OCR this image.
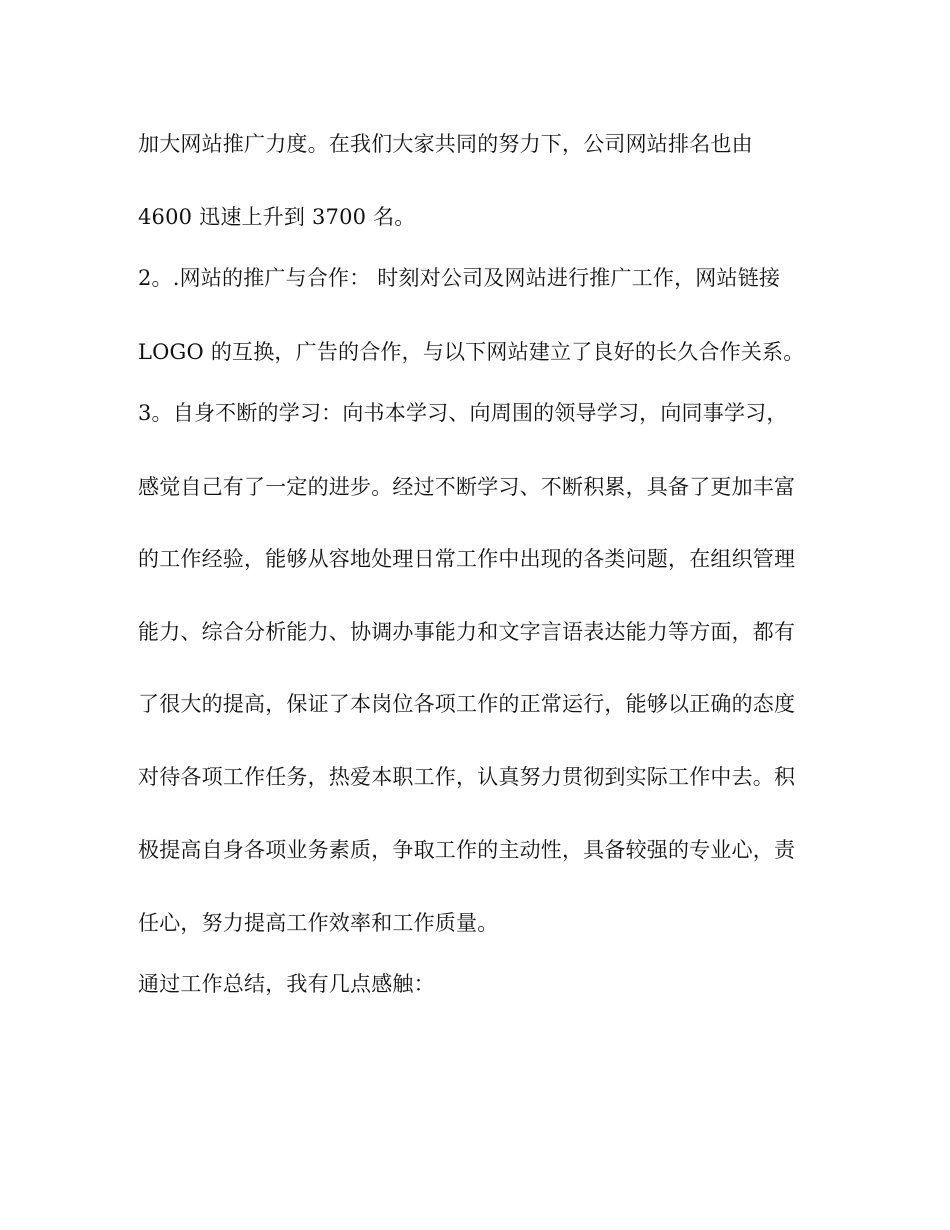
加大网站推广力度。在我们大家共同的努力下，公司网站排名也由
4600 迅速上升到 3700 名。
2。.网站的推广与合作： 时刻对公司及网站进行推广工作，网站链接
LOGO 的互换，广告的合作，与以下网站建立了良好的长久合作关系。
3。自身不断的学习：向书本学习、向周围的领导学习，向同事学习，
感觉自己有了一定的进步。经过不断学习、不断积累，具备了更加丰富
的工作经验，能够从容地处理日常工作中出现的各类问题，在组织管理
能力、综合分析能力、协调办事能力和文字言语表达能力等方面，都有
了很大的提高，保证了本岗位各项工作的正常运行，能够以正确的态度
对待各项工作任务，热爱本职工作，认真努力贯彻到实际工作中去。积
极提高自身各项业务素质，争取工作的主动性，具备较强的专业心，责
任心，努力提高工作效率和工作质量。
通过工作总结，我有几点感触：
